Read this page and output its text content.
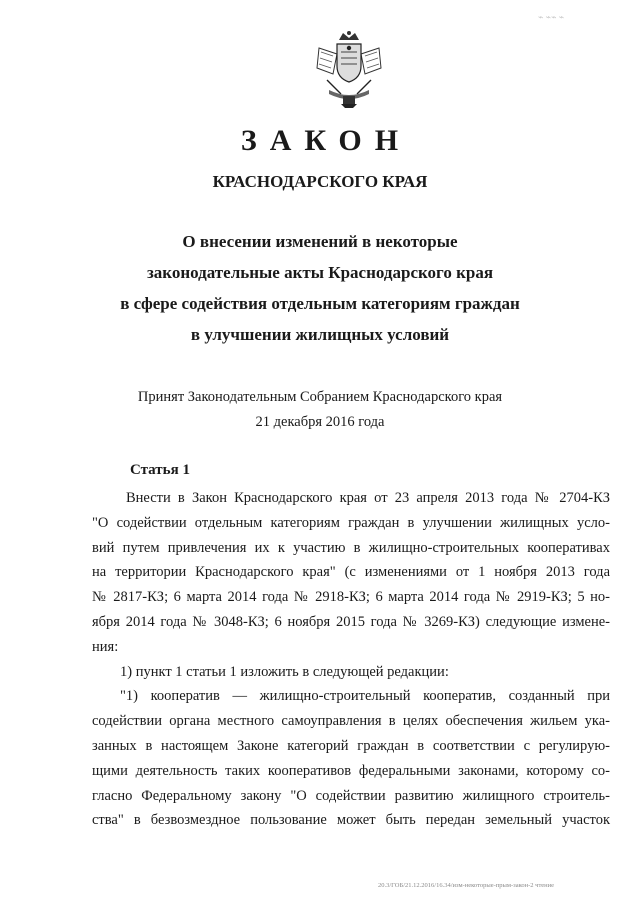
⌁ ⌁⌁ ⌁
ЗАКОН
КРАСНОДАРСКОГО КРАЯ
О внесении изменений в некоторые
законодательные акты Краснодарского края
в сфере содействия отдельным категориям граждан
в улучшении жилищных условий
Принят Законодательным Собранием Краснодарского края
21 декабря 2016 года
Статья 1
Внести в Закон Краснодарского края от 23 апреля 2013 года № 2704-КЗ
"О содействии отдельным категориям граждан в улучшении жилищных усло-
вий путем привлечения их к участию в жилищно-строительных кооперативах
на территории Краснодарского края" (с изменениями от 1 ноября 2013 года
№ 2817-КЗ; 6 марта 2014 года № 2918-КЗ; 6 марта 2014 года № 2919-КЗ; 5 но-
ября 2014 года № 3048-КЗ; 6 ноября 2015 года № 3269-КЗ) следующие измене-
ния:
1) пункт 1 статьи 1 изложить в следующей редакции:
"1) кооператив — жилищно-строительный кооператив, созданный при
содействии органа местного самоуправления в целях обеспечения жильем ука-
занных в настоящем Законе категорий граждан в соответствии с регулирую-
щими деятельность таких кооперативов федеральными законами, которому со-
гласно Федеральному закону "О содействии развитию жилищного строитель-
ства" в безвозмездное пользование может быть передан земельный участок
20.3/ГОБ/21.12.2016/16.34/изм-некоторые-прым-закон-2 чтение
